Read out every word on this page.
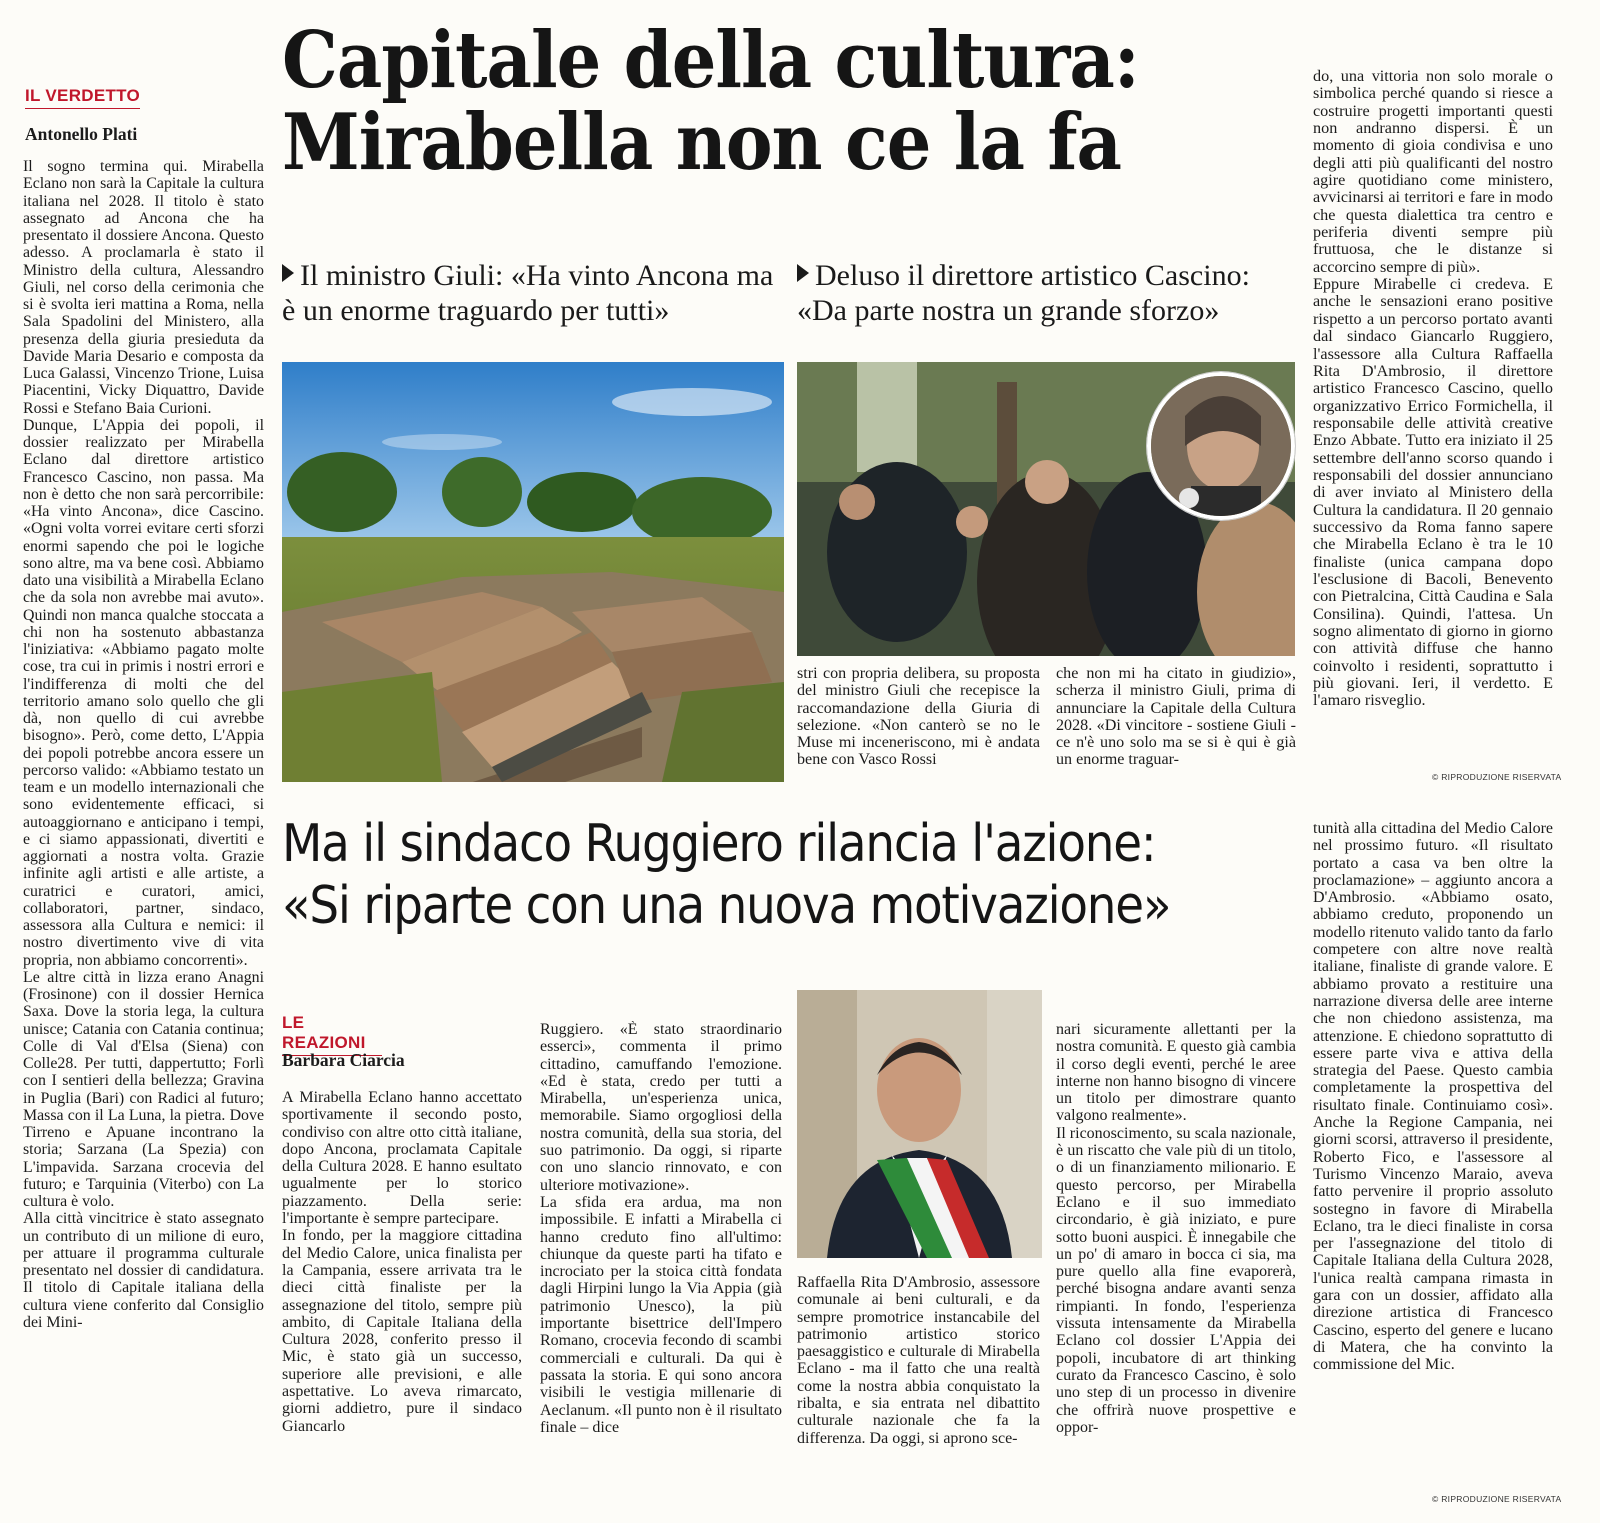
IL VERDETTO
Antonello Plati

Il sogno termina qui. Mirabella Eclano non sarà la Capitale la cultura italiana nel 2028. Il titolo è stato assegnato ad Ancona che ha presentato il dossiere Ancona. Questo adesso. A proclamarla è stato il Ministro della cultura, Alessandro Giuli, nel corso della cerimonia che si è svolta ieri mattina a Roma, nella Sala Spadolini del Ministero, alla presenza della giuria presieduta da Davide Maria Desario e composta da Luca Galassi, Vincenzo Trione, Luisa Piacentini, Vicky Diquattro, Davide Rossi e Stefano Baia Curioni.

Dunque, L'Appia dei popoli, il dossier realizzato per Mirabella Eclano dal direttore artistico Francesco Cascino, non passa. Ma non è detto che non sarà percorribile: «Ha vinto Ancona», dice Cascino. «Ogni volta vorrei evitare certi sforzi enormi sapendo che poi le logiche sono altre, ma va bene così. Abbiamo dato una visibilità a Mirabella Eclano che da sola non avrebbe mai avuto». Quindi non manca qualche stoccata a chi non ha sostenuto abbastanza l'iniziativa: «Abbiamo pagato molte cose, tra cui in primis i nostri errori e l'indifferenza di molti che del territorio amano solo quello che gli dà, non quello di cui avrebbe bisogno». Però, come detto, L'Appia dei popoli potrebbe ancora essere un percorso valido: «Abbiamo testato un team e un modello internazionali che sono evidentemente efficaci, si autoaggiornano e anticipano i tempi, e ci siamo appassionati, divertiti e aggiornati a nostra volta. Grazie infinite agli artisti e alle artiste, a curatrici e curatori, amici, collaboratori, partner, sindaco, assessora alla Cultura e nemici: il nostro divertimento vive di vita propria, non abbiamo concorrenti».

Le altre città in lizza erano Anagni (Frosinone) con il dossier Hernica Saxa. Dove la storia lega, la cultura unisce; Catania con Catania continua; Colle di Val d'Elsa (Siena) con Colle28. Per tutti, dappertutto; Forlì con I sentieri della bellezza; Gravina in Puglia (Bari) con Radici al futuro; Massa con il La Luna, la pietra. Dove Tirreno e Apuane incontrano la storia; Sarzana (La Spezia) con L'impavida. Sarzana crocevia del futuro; e Tarquinia (Viterbo) con La cultura è volo.

Alla città vincitrice è stato assegnato un contributo di un milione di euro, per attuare il programma culturale presentato nel dossier di candidatura. Il titolo di Capitale italiana della cultura viene conferito dal Consiglio dei Mini-

Capitale della cultura:
Mirabella non ce la fa
Il ministro Giuli: «Ha vinto Ancona ma è un enorme traguardo per tutti»
Deluso il direttore artistico Cascino: «Da parte nostra un grande sforzo»
stri con propria delibera, su proposta del ministro Giuli che recepisce la raccomandazione della Giuria di selezione. «Non canterò se no le Muse mi inceneriscono, mi è andata bene con Vasco Rossi
che non mi ha citato in giudizio», scherza il ministro Giuli, prima di annunciare la Capitale della Cultura 2028. «Di vincitore - sostiene Giuli - ce n'è uno solo ma se si è qui è già un enorme traguar-

do, una vittoria non solo morale o simbolica perché quando si riesce a costruire progetti importanti questi non andranno dispersi. È un momento di gioia condivisa e uno degli atti più qualificanti del nostro agire quotidiano come ministero, avvicinarsi ai territori e fare in modo che questa dialettica tra centro e periferia diventi sempre più fruttuosa, che le distanze si accorcino sempre di più».

Eppure Mirabelle ci credeva. E anche le sensazioni erano positive rispetto a un percorso portato avanti dal sindaco Giancarlo Ruggiero, l'assessore alla Cultura Raffaella Rita D'Ambrosio, il direttore artistico Francesco Cascino, quello organizzativo Errico Formichella, il responsabile delle attività creative Enzo Abbate. Tutto era iniziato il 25 settembre dell'anno scorso quando i responsabili del dossier annunciano di aver inviato al Ministero della Cultura la candidatura. Il 20 gennaio successivo da Roma fanno sapere che Mirabella Eclano è tra le 10 finaliste (unica campana dopo l'esclusione di Bacoli, Benevento con Pietralcina, Città Caudina e Sala Consilina). Quindi, l'attesa. Un sogno alimentato di giorno in giorno con attività diffuse che hanno coinvolto i residenti, soprattutto i più giovani. Ieri, il verdetto. E l'amaro risveglio.

© RIPRODUZIONE RISERVATA
Ma il sindaco Ruggiero rilancia l'azione:
«Si riparte con una nuova motivazione»
LE REAZIONI
Barbara Ciarcia

A Mirabella Eclano hanno accettato sportivamente il secondo posto, condiviso con altre otto città italiane, dopo Ancona, proclamata Capitale della Cultura 2028. E hanno esultato ugualmente per lo storico piazzamento. Della serie: l'importante è sempre partecipare.

In fondo, per la maggiore cittadina del Medio Calore, unica finalista per la Campania, essere arrivata tra le dieci città finaliste per la assegnazione del titolo, sempre più ambito, di Capitale Italiana della Cultura 2028, conferito presso il Mic, è stato già un successo, superiore alle previsioni, e alle aspettative. Lo aveva rimarcato, giorni addietro, pure il sindaco Giancarlo

Ruggiero. «È stato straordinario esserci», commenta il primo cittadino, camuffando l'emozione. «Ed è stata, credo per tutti a Mirabella, un'esperienza unica, memorabile. Siamo orgogliosi della nostra comunità, della sua storia, del suo patrimonio. Da oggi, si riparte con uno slancio rinnovato, e con ulteriore motivazione».

La sfida era ardua, ma non impossibile. E infatti a Mirabella ci hanno creduto fino all'ultimo: chiunque da queste parti ha tifato e incrociato per la stoica città fondata dagli Hirpini lungo la Via Appia (già patrimonio Unesco), la più importante bisettrice dell'Impero Romano, crocevia fecondo di scambi commerciali e culturali. Da qui è passata la storia. E qui sono ancora visibili le vestigia millenarie di Aeclanum. «Il punto non è il risultato finale – dice

Raffaella Rita D'Ambrosio, assessore comunale ai beni culturali, e da sempre promotrice instancabile del patrimonio artistico storico paesaggistico e culturale di Mirabella Eclano - ma il fatto che una realtà come la nostra abbia conquistato la ribalta, e sia entrata nel dibattito culturale nazionale che fa la differenza. Da oggi, si aprono sce-

nari sicuramente allettanti per la nostra comunità. E questo già cambia il corso degli eventi, perché le aree interne non hanno bisogno di vincere un titolo per dimostrare quanto valgono realmente».

Il riconoscimento, su scala nazionale, è un riscatto che vale più di un titolo, o di un finanziamento milionario. E questo percorso, per Mirabella Eclano e il suo immediato circondario, è già iniziato, e pure sotto buoni auspici. È innegabile che un po' di amaro in bocca ci sia, ma pure quello alla fine evaporerà, perché bisogna andare avanti senza rimpianti. In fondo, l'esperienza vissuta intensamente da Mirabella Eclano col dossier L'Appia dei popoli, incubatore di art thinking curato da Francesco Cascino, è solo uno step di un processo in divenire che offrirà nuove prospettive e oppor-

tunità alla cittadina del Medio Calore nel prossimo futuro. «Il risultato portato a casa va ben oltre la proclamazione» – aggiunto ancora a D'Ambrosio. «Abbiamo osato, abbiamo creduto, proponendo un modello ritenuto valido tanto da farlo competere con altre nove realtà italiane, finaliste di grande valore. E abbiamo provato a restituire una narrazione diversa delle aree interne che non chiedono assistenza, ma attenzione. E chiedono soprattutto di essere parte viva e attiva della strategia del Paese. Questo cambia completamente la prospettiva del risultato finale. Continuiamo così». Anche la Regione Campania, nei giorni scorsi, attraverso il presidente, Roberto Fico, e l'assessore al Turismo Vincenzo Maraio, aveva fatto pervenire il proprio assoluto sostegno in favore di Mirabella Eclano, tra le dieci finaliste in corsa per l'assegnazione del titolo di Capitale Italiana della Cultura 2028, l'unica realtà campana rimasta in gara con un dossier, affidato alla direzione artistica di Francesco Cascino, esperto del genere e lucano di Matera, che ha convinto la commissione del Mic.

© RIPRODUZIONE RISERVATA
